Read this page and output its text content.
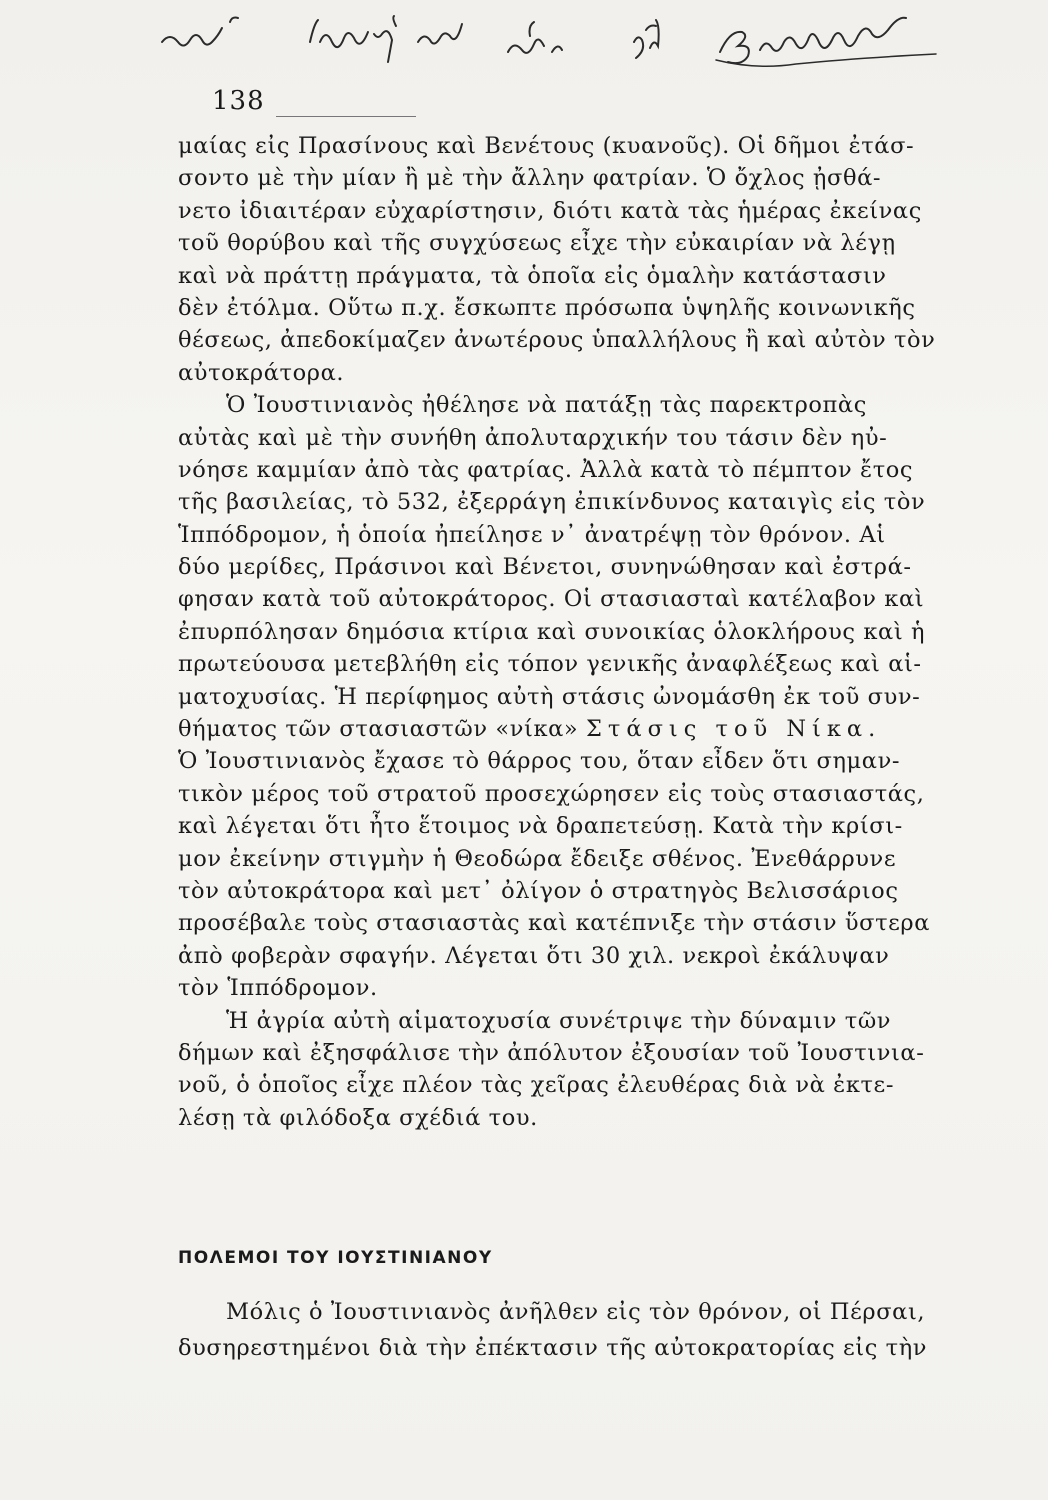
138

μαίας εἰς Πρασίνους καὶ Βενέτους (κυανοῦς). Οἱ δῆμοι ἐτάσ-
σοντο μὲ τὴν μίαν ἢ μὲ τὴν ἄλλην φατρίαν. Ὁ ὄχλος ᾐσθά-
νετο ἰδιαιτέραν εὐχαρίστησιν, διότι κατὰ τὰς ἡμέρας ἐκείνας
τοῦ θορύβου καὶ τῆς συγχύσεως εἶχε τὴν εὐκαιρίαν νὰ λέγῃ
καὶ νὰ πράττῃ πράγματα, τὰ ὁποῖα εἰς ὁμαλὴν κατάστασιν
δὲν ἐτόλμα. Οὕτω π.χ. ἔσκωπτε πρόσωπα ὑψηλῆς κοινωνικῆς
θέσεως, ἀπεδοκίμαζεν ἀνωτέρους ὑπαλλήλους ἢ καὶ αὐτὸν τὸν
αὐτοκράτορα.
Ὁ Ἰουστινιανὸς ἠθέλησε νὰ πατάξῃ τὰς παρεκτροπὰς
αὐτὰς καὶ μὲ τὴν συνήθη ἀπολυταρχικήν του τάσιν δὲν ηὐ-
νόησε καμμίαν ἀπὸ τὰς φατρίας. Ἀλλὰ κατὰ τὸ πέμπτον ἔτος
τῆς βασιλείας, τὸ 532, ἐξερράγη ἐπικίνδυνος καταιγὶς εἰς τὸν
Ἱππόδρομον, ἡ ὁποία ἠπείλησε ν᾿ ἀνατρέψῃ τὸν θρόνον. Αἱ
δύο μερίδες, Πράσινοι καὶ Βένετοι, συνηνώθησαν καὶ ἐστρά-
φησαν κατὰ τοῦ αὐτοκράτορος. Οἱ στασιασταὶ κατέλαβον καὶ
ἐπυρπόλησαν δημόσια κτίρια καὶ συνοικίας ὁλοκλήρους καὶ ἡ
πρωτεύουσα μετεβλήθη εἰς τόπον γενικῆς ἀναφλέξεως καὶ αἱ-
ματοχυσίας. Ἡ περίφημος αὐτὴ στάσις ὠνομάσθη ἐκ τοῦ συν-
θήματος τῶν στασιαστῶν «νίκα» Στάσις τοῦ Νίκα.
Ὁ Ἰουστινιανὸς ἔχασε τὸ θάρρος του, ὅταν εἶδεν ὅτι σημαν-
τικὸν μέρος τοῦ στρατοῦ προσεχώρησεν εἰς τοὺς στασιαστάς,
καὶ λέγεται ὅτι ἦτο ἕτοιμος νὰ δραπετεύσῃ. Κατὰ τὴν κρίσι-
μον ἐκείνην στιγμὴν ἡ Θεοδώρα ἔδειξε σθένος. Ἐνεθάρρυνε
τὸν αὐτοκράτορα καὶ μετ᾿ ὀλίγον ὁ στρατηγὸς Βελισσάριος
προσέβαλε τοὺς στασιαστὰς καὶ κατέπνιξε τὴν στάσιν ὕστερα
ἀπὸ φοβερὰν σφαγήν. Λέγεται ὅτι 30 χιλ. νεκροὶ ἐκάλυψαν
τὸν Ἱππόδρομον.
Ἡ ἀγρία αὐτὴ αἱματοχυσία συνέτριψε τὴν δύναμιν τῶν
δήμων καὶ ἐξησφάλισε τὴν ἀπόλυτον ἐξουσίαν τοῦ Ἰουστινια-
νοῦ, ὁ ὁποῖος εἶχε πλέον τὰς χεῖρας ἐλευθέρας διὰ νὰ ἐκτε-
λέσῃ τὰ φιλόδοξα σχέδιά του.
ΠΟΛΕΜΟΙ ΤΟΥ ΙΟΥΣΤΙΝΙΑΝΟΥ
Μόλις ὁ Ἰουστινιανὸς ἀνῆλθεν εἰς τὸν θρόνον, οἱ Πέρσαι,
δυσηρεστημένοι διὰ τὴν ἐπέκτασιν τῆς αὐτοκρατορίας εἰς τὴν
